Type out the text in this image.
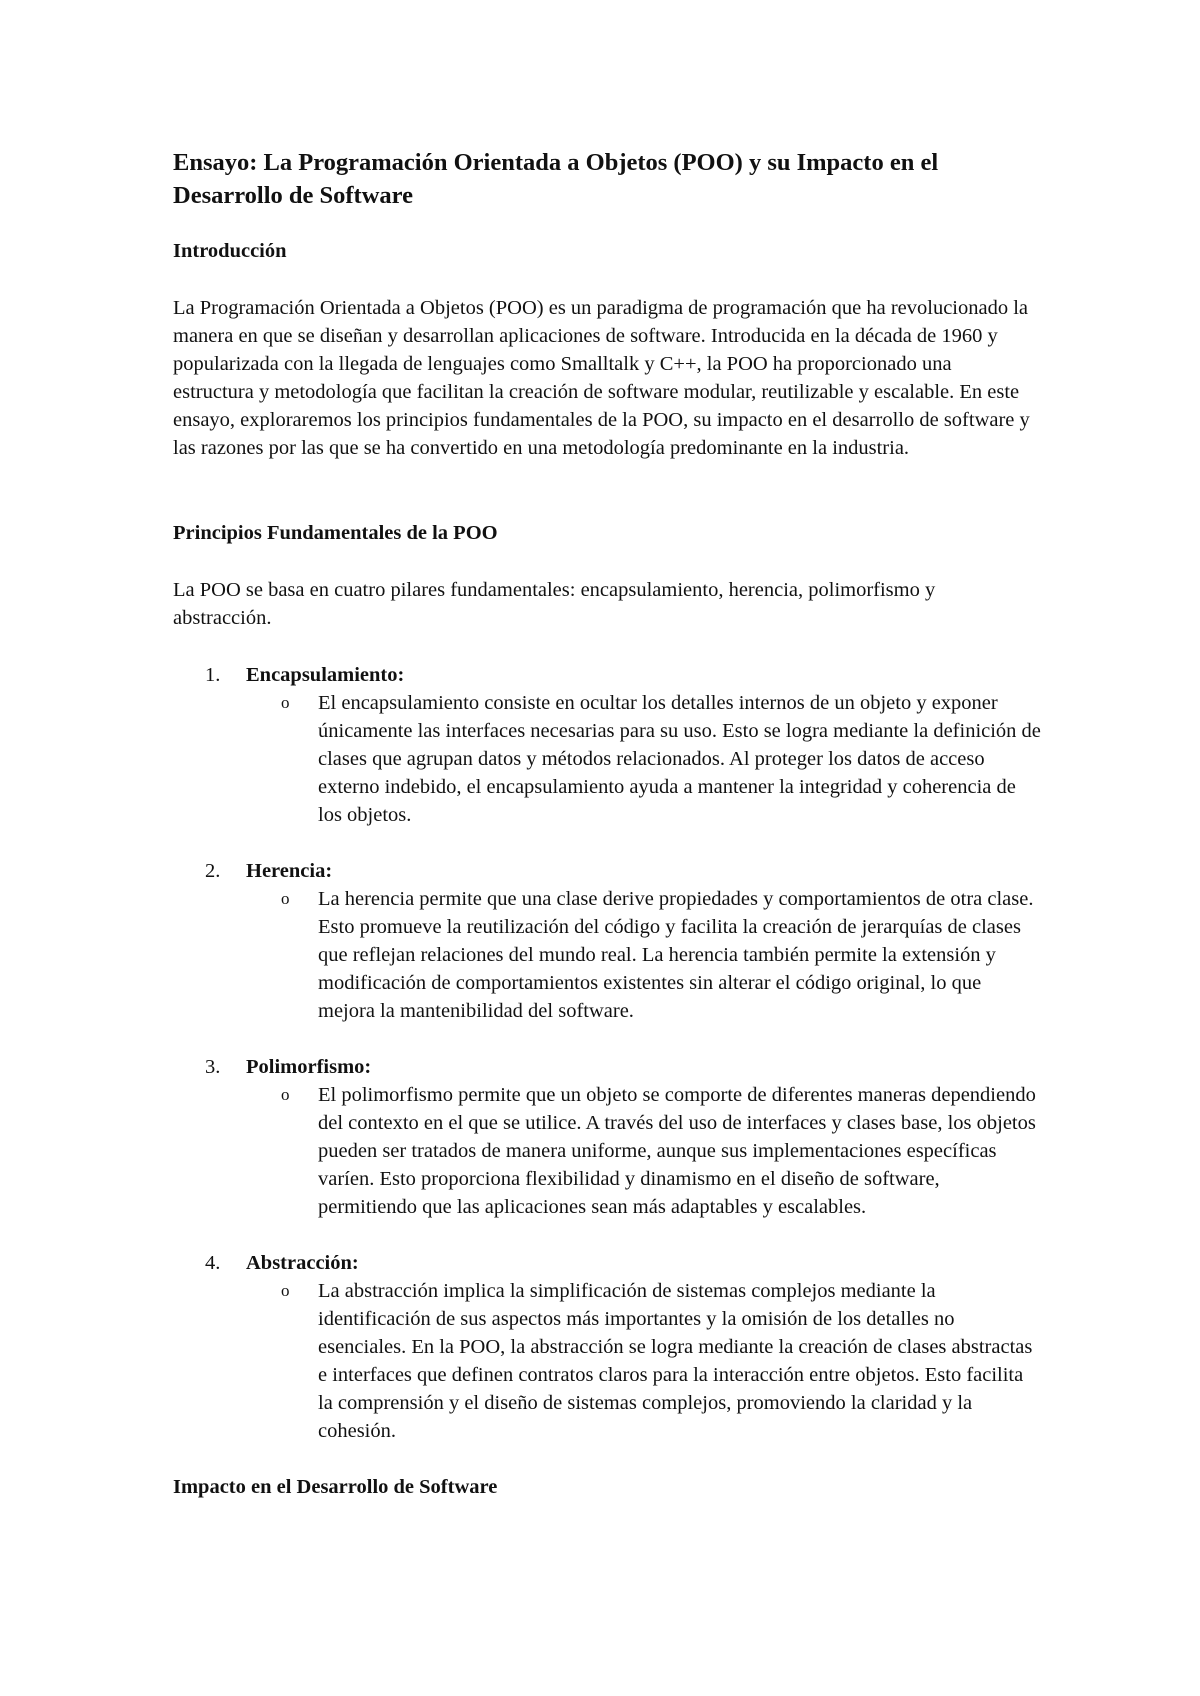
Ensayo: La Programación Orientada a Objetos (POO) y su Impacto en el Desarrollo de Software
Introducción

La Programación Orientada a Objetos (POO) es un paradigma de programación que ha revolucionado la manera en que se diseñan y desarrollan aplicaciones de software. Introducida en la década de 1960 y popularizada con la llegada de lenguajes como Smalltalk y C++, la POO ha proporcionado una estructura y metodología que facilitan la creación de software modular, reutilizable y escalable. En este ensayo, exploraremos los principios fundamentales de la POO, su impacto en el desarrollo de software y las razones por las que se ha convertido en una metodología predominante en la industria.

Principios Fundamentales de la POO

La POO se basa en cuatro pilares fundamentales: encapsulamiento, herencia, polimorfismo y abstracción.

1. Encapsulamiento:
o El encapsulamiento consiste en ocultar los detalles internos de un objeto y exponer únicamente las interfaces necesarias para su uso. Esto se logra mediante la definición de clases que agrupan datos y métodos relacionados. Al proteger los datos de acceso externo indebido, el encapsulamiento ayuda a mantener la integridad y coherencia de los objetos.

2. Herencia:
o La herencia permite que una clase derive propiedades y comportamientos de otra clase. Esto promueve la reutilización del código y facilita la creación de jerarquías de clases que reflejan relaciones del mundo real. La herencia también permite la extensión y modificación de comportamientos existentes sin alterar el código original, lo que mejora la mantenibilidad del software.

3. Polimorfismo:
o El polimorfismo permite que un objeto se comporte de diferentes maneras dependiendo del contexto en el que se utilice. A través del uso de interfaces y clases base, los objetos pueden ser tratados de manera uniforme, aunque sus implementaciones específicas varíen. Esto proporciona flexibilidad y dinamismo en el diseño de software, permitiendo que las aplicaciones sean más adaptables y escalables.

4. Abstracción:
o La abstracción implica la simplificación de sistemas complejos mediante la identificación de sus aspectos más importantes y la omisión de los detalles no esenciales. En la POO, la abstracción se logra mediante la creación de clases abstractas e interfaces que definen contratos claros para la interacción entre objetos. Esto facilita la comprensión y el diseño de sistemas complejos, promoviendo la claridad y la cohesión.

Impacto en el Desarrollo de Software
